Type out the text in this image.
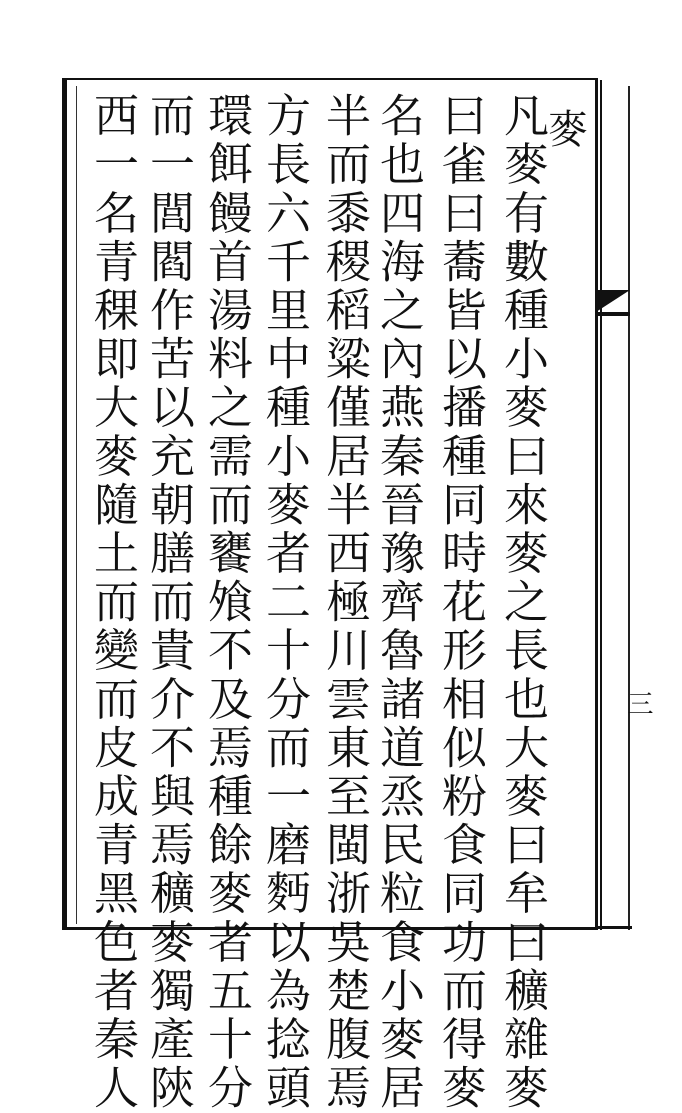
麥
凡麥有數種小麥曰來麥之長也大麥曰牟曰穬雜麥
曰雀曰蕎皆以播種同時花形相似粉食同功而得麥
名也四海之內燕秦晉豫齊魯諸道烝民粒食小麥居
半而黍稷稻粱僅居半西極川雲東至閩浙吳楚腹焉
方長六千里中種小麥者二十分而一磨麪以為捻頭
環餌饅首湯料之需而饔飧不及焉種餘麥者五十分
而一閭閻作苦以充朝膳而貴介不與焉穬麥獨產陝
西一名青稞即大麥隨土而變而皮成青黑色者秦人	三
